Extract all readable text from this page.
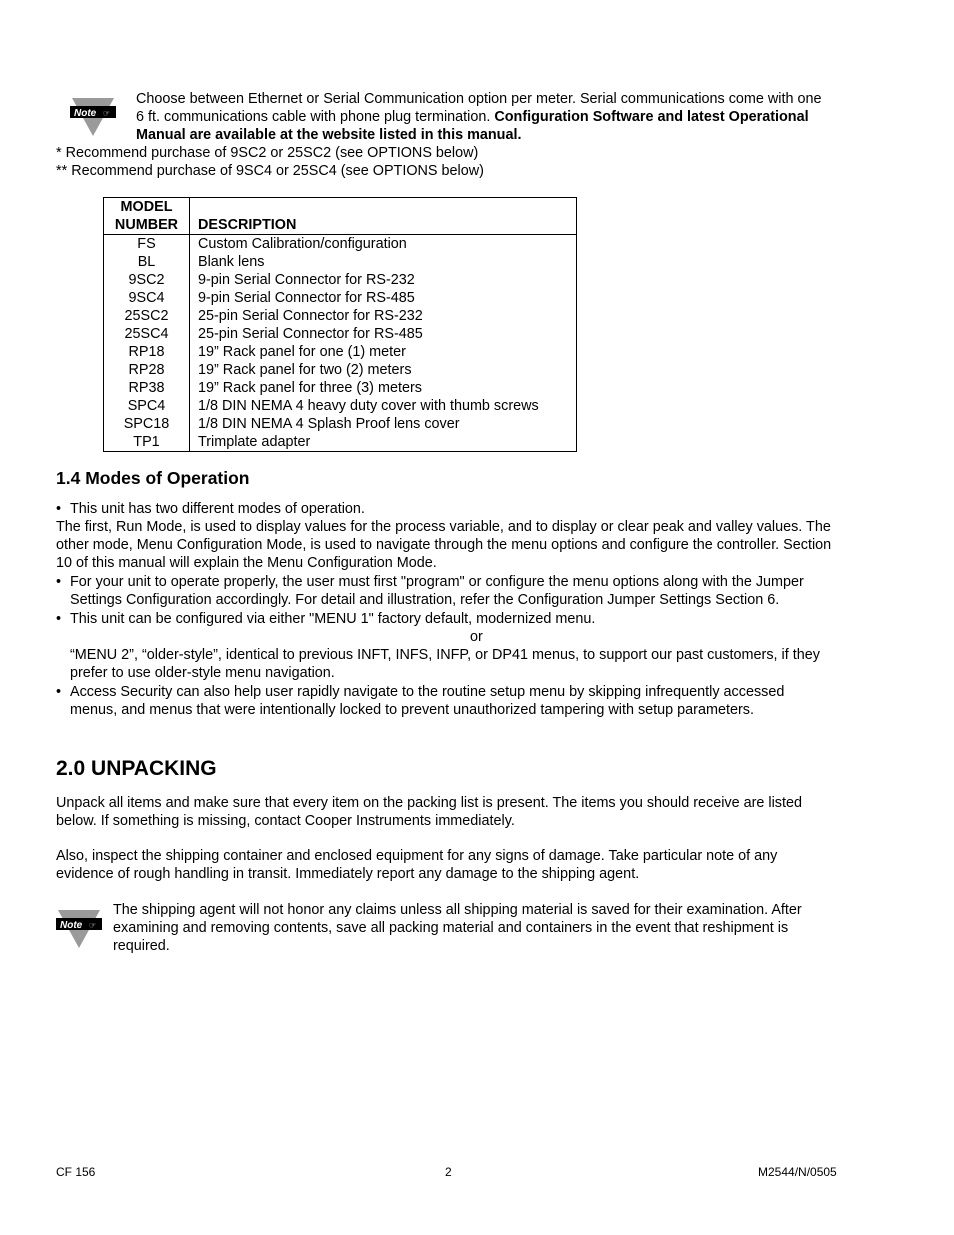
Note ☞
Choose between Ethernet or Serial Communication option per meter. Serial communications come with one
6 ft. communications cable with phone plug termination. Configuration Software and latest Operational
Manual are available at the website listed in this manual.
* Recommend purchase of 9SC2 or 25SC2 (see OPTIONS below)
** Recommend purchase of 9SC4 or 25SC4 (see OPTIONS below)
MODEL
NUMBER	DESCRIPTION
FS	Custom Calibration/configuration
BL	Blank lens
9SC2	9-pin Serial Connector for RS-232
9SC4	9-pin Serial Connector for RS-485
25SC2	25-pin Serial Connector for RS-232
25SC4	25-pin Serial Connector for RS-485
RP18	19” Rack panel for one (1) meter
RP28	19” Rack panel for two (2) meters
RP38	19” Rack panel for three (3) meters
SPC4	1/8 DIN NEMA 4 heavy duty cover with thumb screws
SPC18	1/8 DIN NEMA 4 Splash Proof lens cover
TP1	Trimplate adapter
1.4 Modes of Operation
• This unit has two different modes of operation.
The first, Run Mode, is used to display values for the process variable, and to display or clear peak and valley values. The
other mode, Menu Configuration Mode, is used to navigate through the menu options and configure the controller. Section
10 of this manual will explain the Menu Configuration Mode.
• For your unit to operate properly, the user must first "program" or configure the menu options along with the Jumper
Settings Configuration accordingly. For detail and illustration, refer the Configuration Jumper Settings Section 6.
• This unit can be configured via either "MENU 1" factory default, modernized menu.
or
“MENU 2”, “older-style”, identical to previous INFT, INFS, INFP, or DP41 menus, to support our past customers, if they
prefer to use older-style menu navigation.
• Access Security can also help user rapidly navigate to the routine setup menu by skipping infrequently accessed
menus, and menus that were intentionally locked to prevent unauthorized tampering with setup parameters.
2.0 UNPACKING
Unpack all items and make sure that every item on the packing list is present. The items you should receive are listed
below. If something is missing, contact Cooper Instruments immediately.
Also, inspect the shipping container and enclosed equipment for any signs of damage. Take particular note of any
evidence of rough handling in transit. Immediately report any damage to the shipping agent.
Note ☞
The shipping agent will not honor any claims unless all shipping material is saved for their examination. After
examining and removing contents, save all packing material and containers in the event that reshipment is
required.
CF 156	2	M2544/N/0505
